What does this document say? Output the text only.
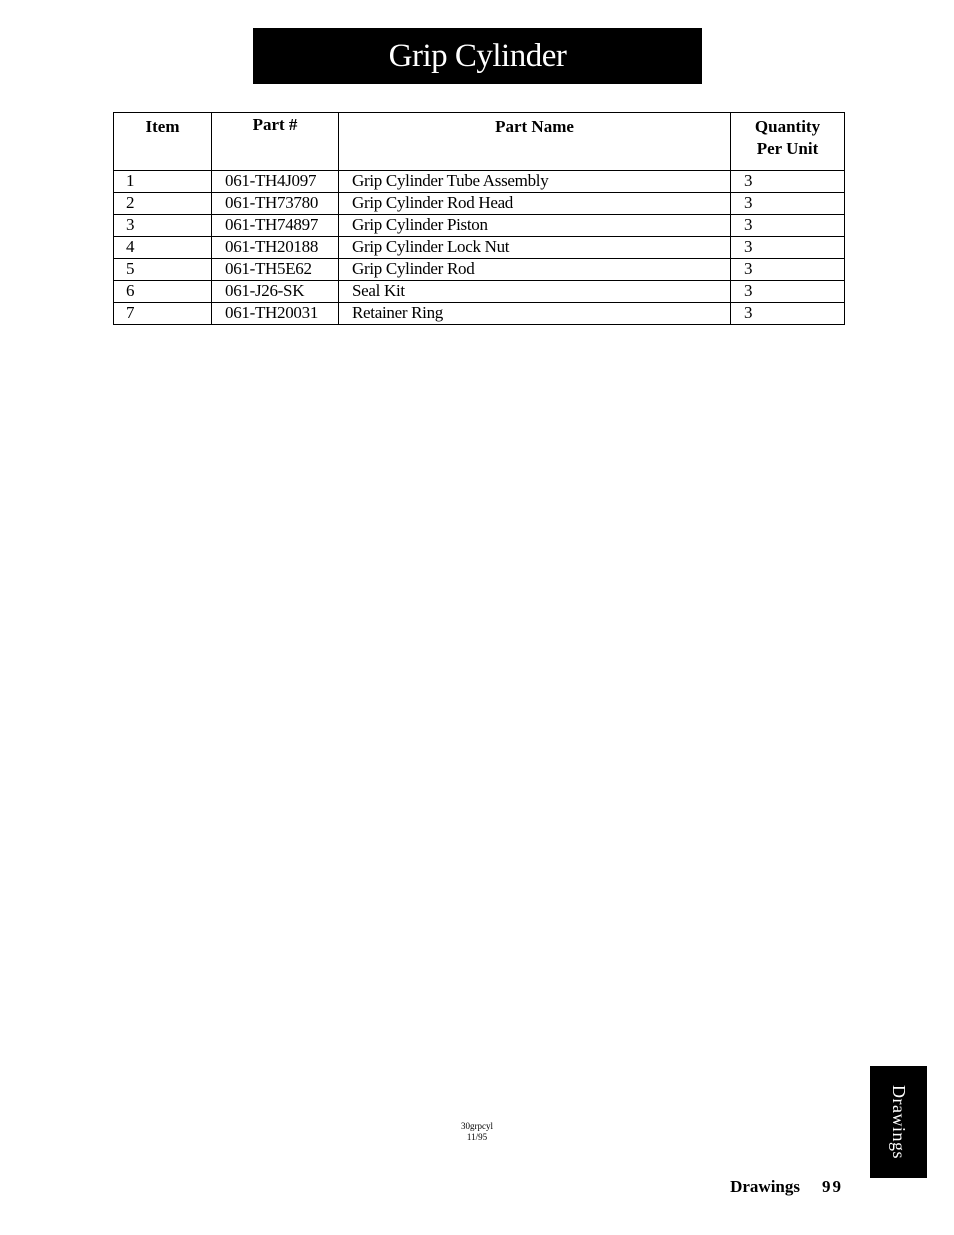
Grip Cylinder
Item	Part #	Part Name	Quantity
Per Unit
1	061-TH4J097	Grip Cylinder Tube Assembly	3
2	061-TH73780	Grip Cylinder Rod Head	3
3	061-TH74897	Grip Cylinder Piston	3
4	061-TH20188	Grip Cylinder Lock Nut	3
5	061-TH5E62	Grip Cylinder Rod	3
6	061-J26-SK	Seal Kit	3
7	061-TH20031	Retainer Ring	3
30grpcyl
11/95	Drawings
Drawings 99
